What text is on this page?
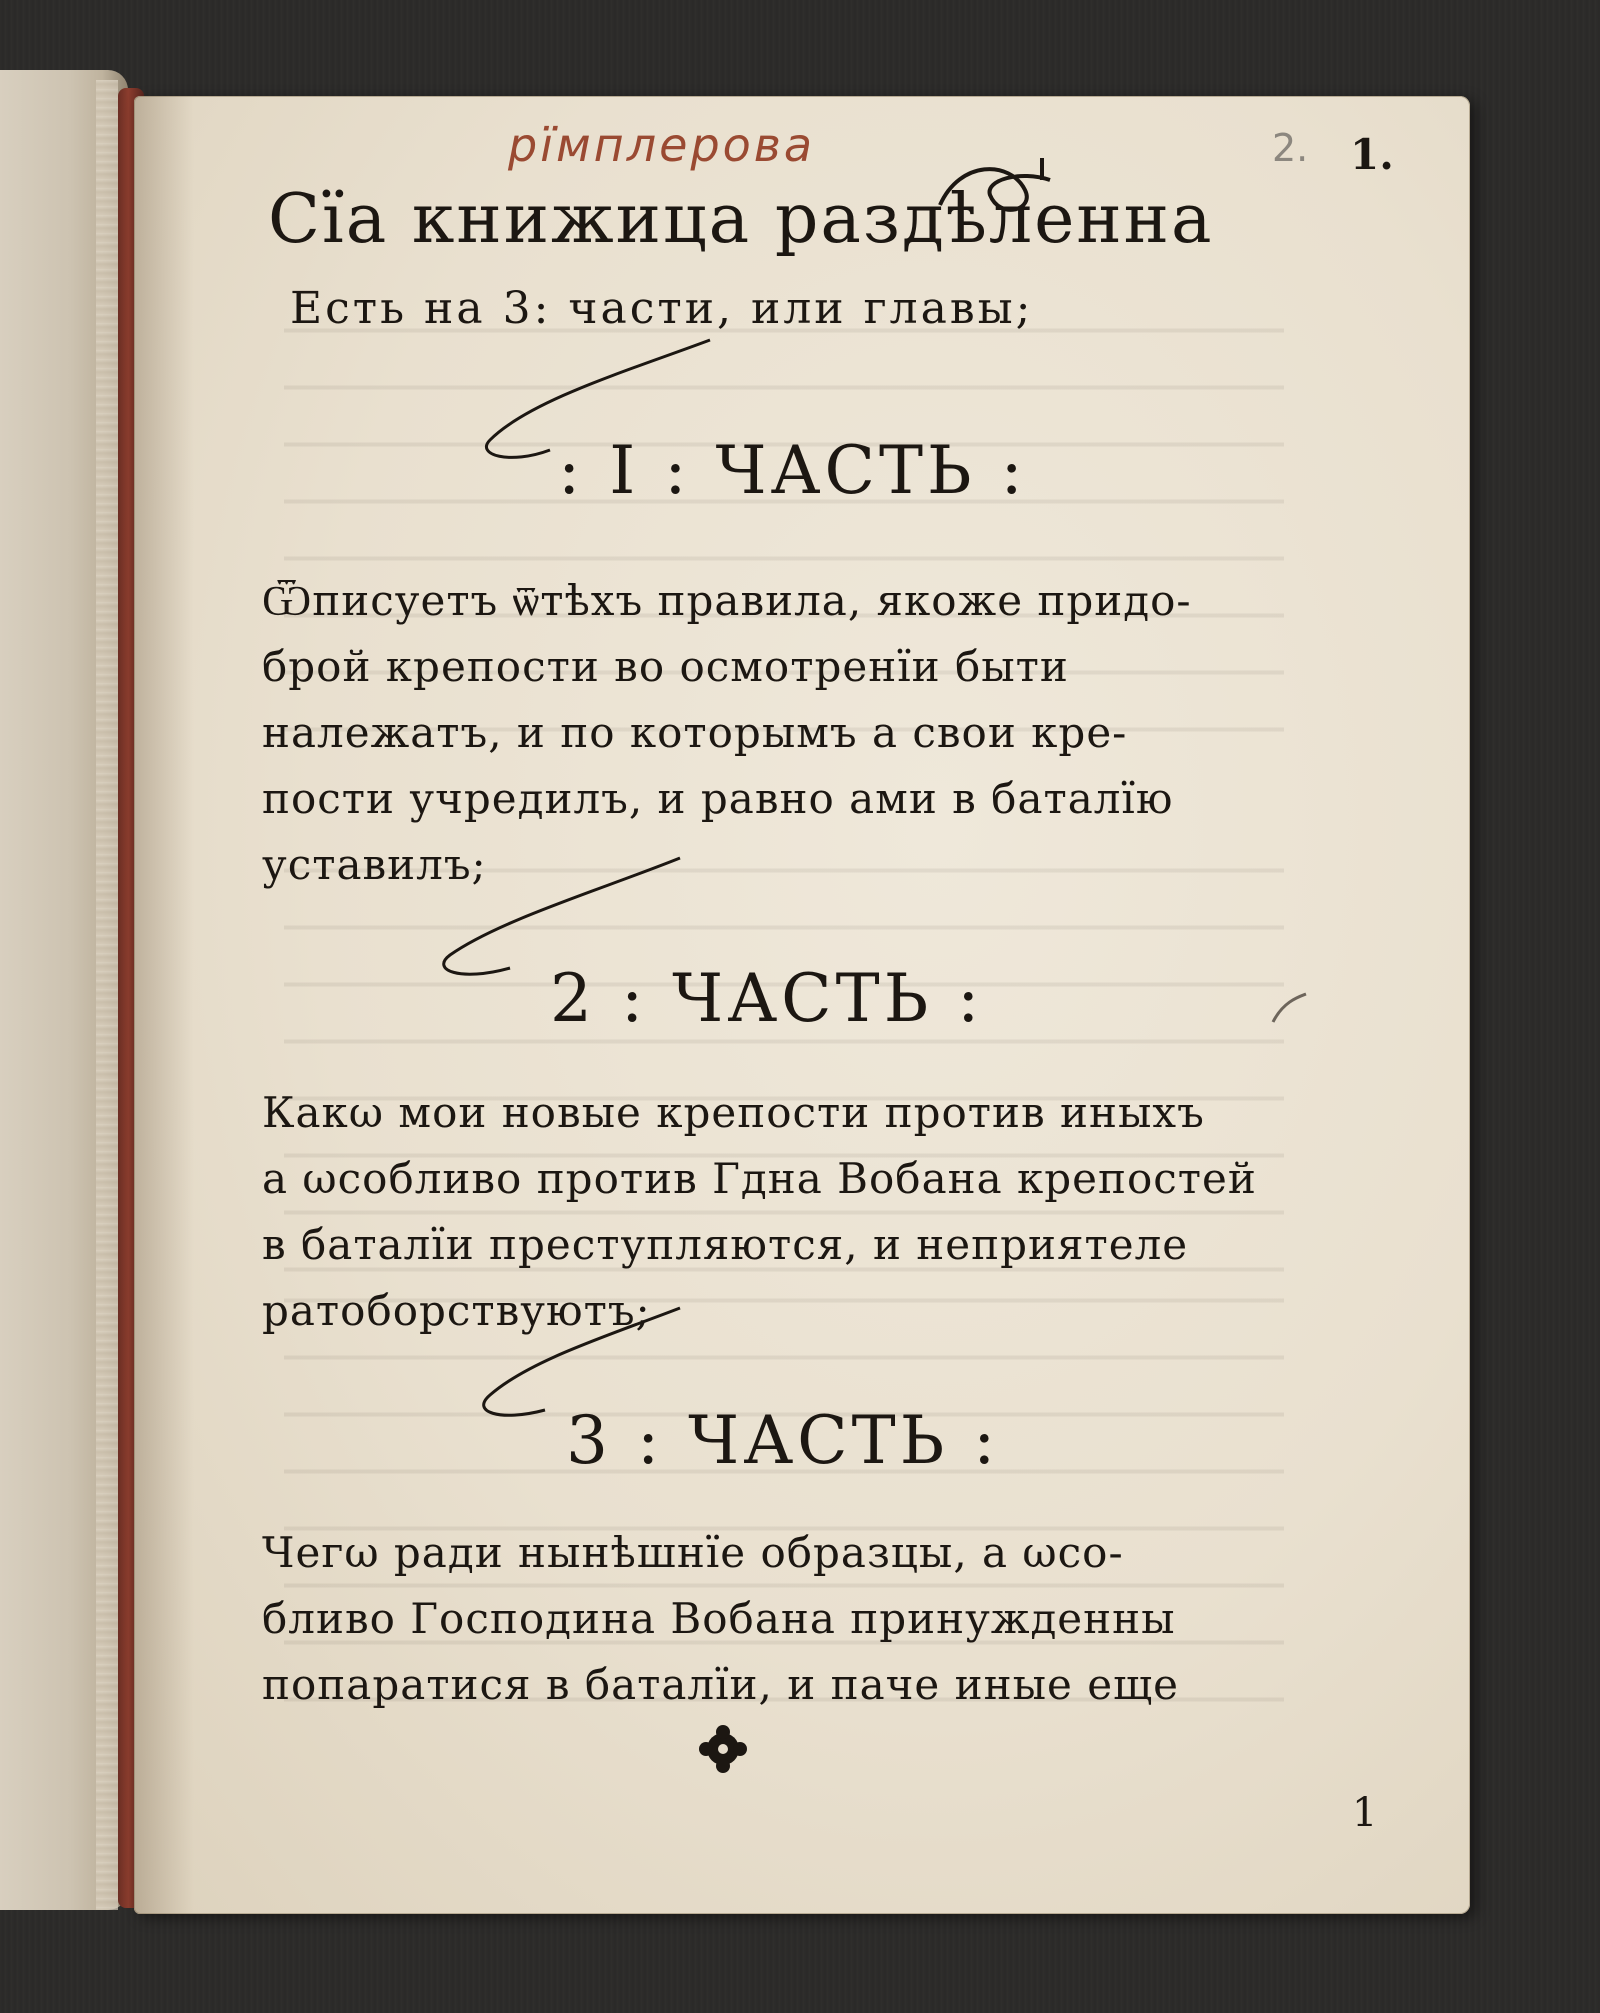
рїмплерова	2. 1.
Сїа книжица раздѣленна
Есть на 3: части, или главы;
: I : ЧАСТЬ :

Ѿписуетъ ѿтѣхъ правила, якоже придо-

брой крепости во осмотренїи быти

належатъ, и по которымъ а свои кре-

пости учредилъ, и равно ами в баталїю

уставилъ;

2 : ЧАСТЬ :

Какω мои новые крепости против иныхъ

а ωсобливо против Гдна Вобана крепостей

в баталїи преступляются, и неприятеле

ратоборствуютъ;

3 : ЧАСТЬ :

Чегω ради нынѣшнїе образцы, а ωсо-

бливо Господина Вобана принужденны

попаратися в баталїи, и паче иные еще

1
